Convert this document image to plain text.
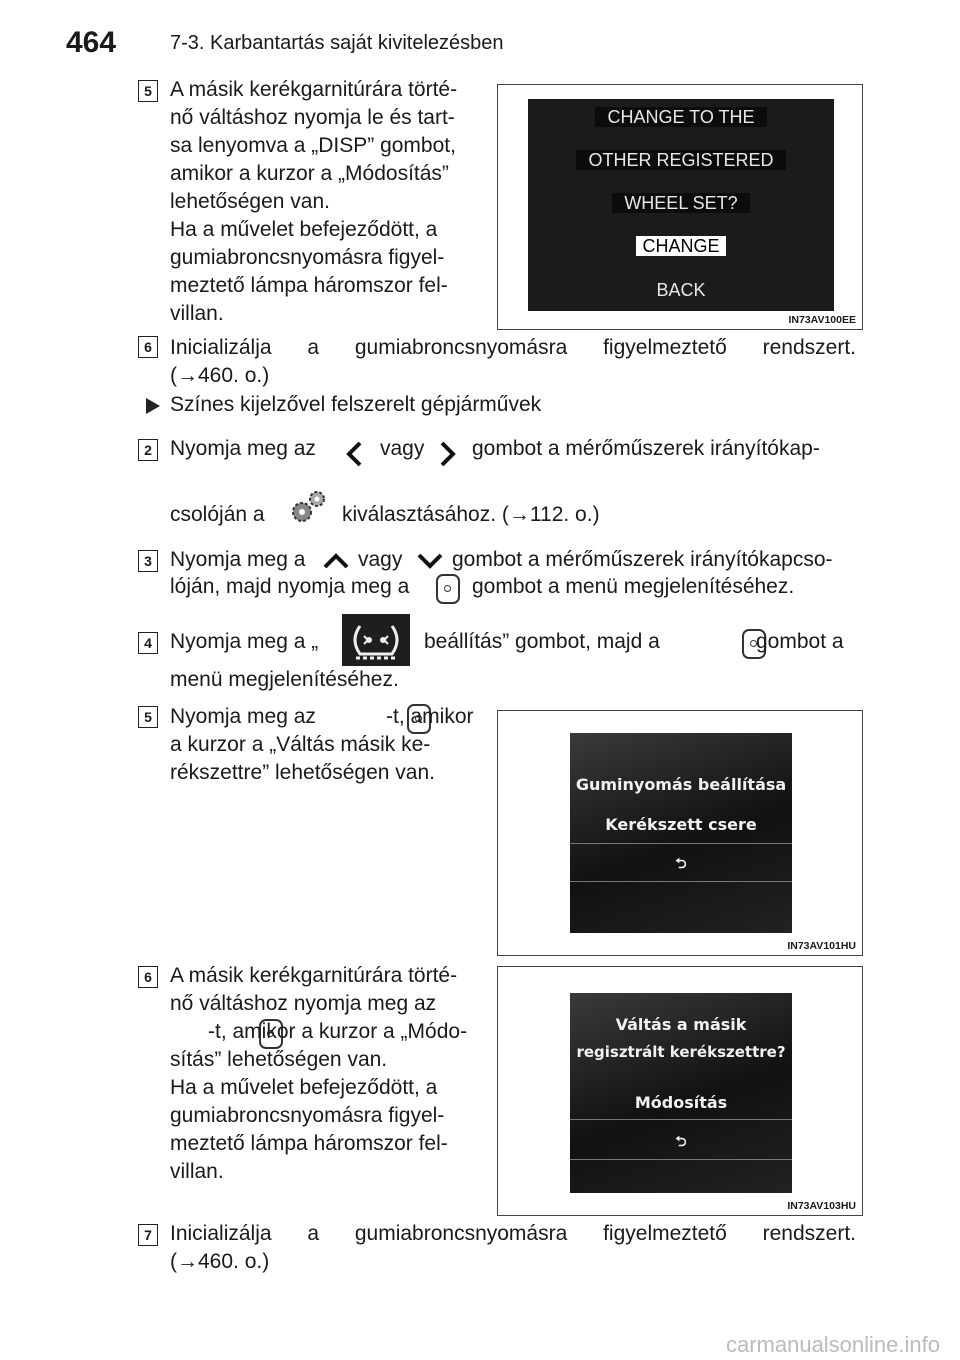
464	7-3. Karbantartás saját kivitelezésben
5 A másik kerékgarnitúrára törté-
nő váltáshoz nyomja le és tart-
sa lenyomva a „DISP” gombot,
amikor a kurzor a „Módosítás”
lehetőségen van.
Ha a művelet befejeződött, a
gumiabroncsnyomásra figyel-
meztető lámpa háromszor fel-
villan.
CHANGE TO THE
OTHER REGISTERED
WHEEL SET?
CHANGE
BACK
IN73AV100EE
6 Inicializálja a gumiabroncsnyomásra figyelmeztető rendszert.
(→460. o.)
Színes kijelzővel felszerelt gépjárművek
2 Nyomja meg az	vagy gombot a mérőműszerek irányítókap-
csolóján a	kiválasztásához. (→112. o.)
3 Nyomja meg a	vagy gombot a mérőműszerek irányítókapcso-
lóján, majd nyomja meg a
	gombot a menü megjelenítéséhez.
4 Nyomja meg a „	beállítás” gombot, majd a
	gombot a
menü megjelenítéséhez.
5 Nyomja meg az
	-t, amikor
a kurzor a „Váltás másik ke-
rékszettre” lehetőségen van.
Guminyomás beállítása
Kerékszett csere
⮌
IN73AV101HU
6 A másik kerékgarnitúrára törté-
nő váltáshoz nyomja meg az
-t, amikor a kurzor a „Módo-
sítás” lehetőségen van.
Ha a művelet befejeződött, a
gumiabroncsnyomásra figyel-
meztető lámpa háromszor fel-
villan.
Váltás a másik
regisztrált kerékszettre?
Módosítás
⮌
IN73AV103HU
7 Inicializálja a gumiabroncsnyomásra figyelmeztető rendszert.
(→460. o.)
carmanualsonline.info
